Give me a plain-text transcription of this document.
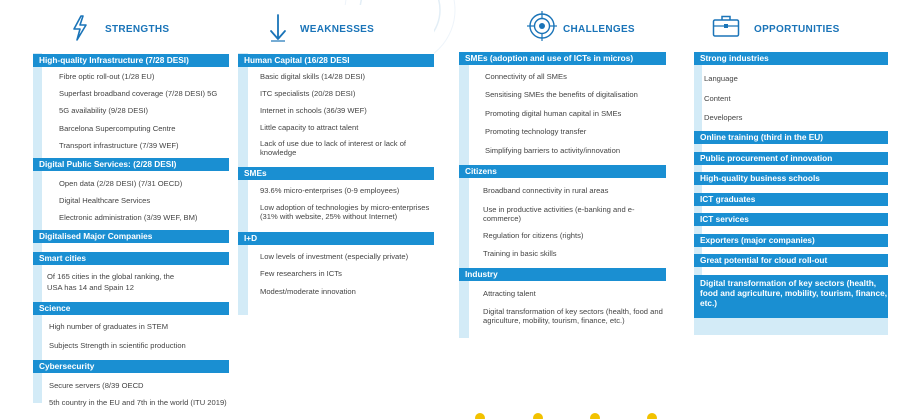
STRENGTHS
High-quality Infrastructure (7/28 DESI)
Fibre optic roll-out (1/28 EU)
Superfast broadband coverage (7/28 DESI) 5G
5G availability (9/28 DESI)
Barcelona Supercomputing Centre
Transport infrastructure (7/39 WEF)
Digital Public Services: (2/28 DESI)
Open data (2/28 DESI) (7/31 OECD)
Digital Healthcare Services
Electronic administration (3/39 WEF, BM)
Digitalised Major Companies
Smart cities
Of 165 cities in the global ranking, the
USA has 14 and Spain 12
Science
High number of graduates in STEM
Subjects Strength in scientific production
Cybersecurity
Secure servers (8/39 OECD
5th country in the EU and 7th in the world (ITU 2019)
WEAKNESSES
Human Capital (16/28 DESI
Basic digital skills (14/28 DESI)
ITC specialists (20/28 DESI)
Internet in schools (36/39 WEF)
Little capacity to attract talent
Lack of use due to lack of interest or lack of knowledge
SMEs
93.6% micro-enterprises (0-9 employees)
Low adoption of technologies by micro-enterprises (31% with website, 25% without Internet)
I+D
Low levels of investment (especially private)
Few researchers in ICTs
Modest/moderate innovation
CHALLENGES
SMEs (adoption and use of ICTs in micros)
Connectivity of all SMEs
Sensitising SMEs the benefits of digitalisation
Promoting digital human capital in SMEs
Promoting technology transfer
Simplifying barriers to activity/innovation
Citizens
Broadband connectivity in rural areas
Use in productive activities (e-banking and e-commerce)
Regulation for citizens (rights)
Training in basic skills
Industry
Attracting talent
Digital transformation of key sectors (health, food and agriculture, mobility, tourism, finance, etc.)
OPPORTUNITIES
Strong industries
Language
Content
Developers
Online training (third in the EU)
Public procurement of innovation
High-quality business schools
ICT graduates
ICT services
Exporters (major companies)
Great potential for cloud roll-out
Digital transformation of key sectors (health, food and agriculture, mobility, tourism, finance, etc.)
